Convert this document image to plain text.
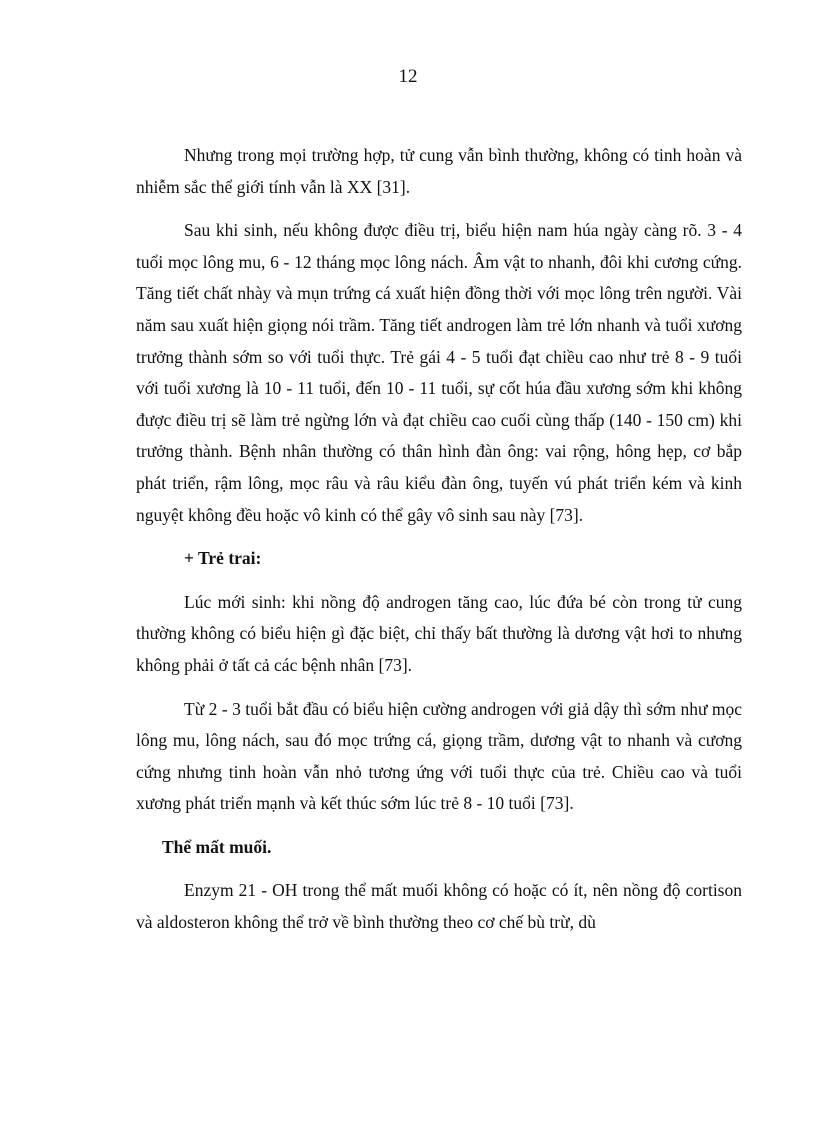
12

Nhưng trong mọi trường hợp, tử cung vẫn bình thường, không có tinh hoàn và nhiễm sắc thể giới tính vẫn là XX [31].

Sau khi sinh, nếu không được điều trị, biểu hiện nam húa ngày càng rõ. 3 - 4 tuổi mọc lông mu, 6 - 12 tháng mọc lông nách. Âm vật to nhanh, đôi khi cương cứng. Tăng tiết chất nhày và mụn trứng cá xuất hiện đồng thời với mọc lông trên người. Vài năm sau xuất hiện giọng nói trầm. Tăng tiết androgen làm trẻ lớn nhanh và tuổi xương trưởng thành sớm so với tuổi thực. Trẻ gái 4 - 5 tuổi đạt chiều cao như trẻ 8 - 9 tuổi với tuổi xương là 10 - 11 tuổi, đến 10 - 11 tuổi, sự cốt húa đầu xương sớm khi không được điều trị sẽ làm trẻ ngừng lớn và đạt chiều cao cuối cùng thấp (140 - 150 cm) khi trưởng thành. Bệnh nhân thường có thân hình đàn ông: vai rộng, hông hẹp, cơ bắp phát triển, rậm lông, mọc râu và râu kiểu đàn ông, tuyến vú phát triển kém và kinh nguyệt không đều hoặc vô kinh có thể gây vô sinh sau này [73].

+ Trẻ trai:

Lúc mới sinh: khi nồng độ androgen tăng cao, lúc đứa bé còn trong tử cung thường không có biểu hiện gì đặc biệt, chỉ thấy bất thường là dương vật hơi to nhưng không phải ở tất cả các bệnh nhân [73].

Từ 2 - 3 tuổi bắt đầu có biểu hiện cường androgen với giả dậy thì sớm như mọc lông mu, lông nách, sau đó mọc trứng cá, giọng trầm, dương vật to nhanh và cương cứng nhưng tinh hoàn vẫn nhỏ tương ứng với tuổi thực của trẻ. Chiều cao và tuổi xương phát triển mạnh và kết thúc sớm lúc trẻ 8 - 10 tuổi [73].

Thể mất muối.

Enzym 21 - OH trong thể mất muối không có hoặc có ít, nên nồng độ cortison và aldosteron không thể trở về bình thường theo cơ chế bù trừ, dù
